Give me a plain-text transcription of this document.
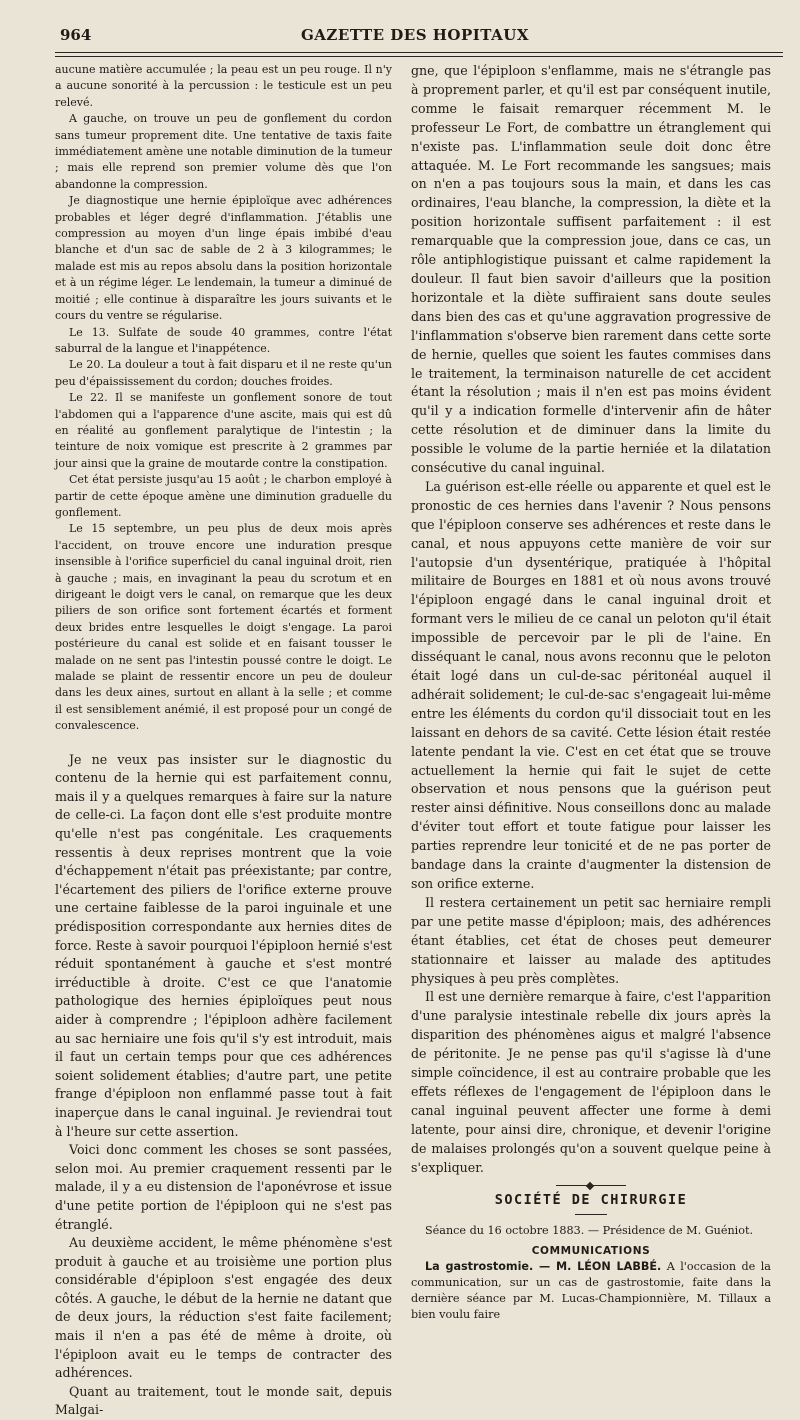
964	GAZETTE DES HOPITAUX

aucune matière accumulée ; la peau est un peu rouge. Il n'y a aucune sonorité à la percussion : le testicule est un peu relevé.

A gauche, on trouve un peu de gonflement du cordon sans tumeur proprement dite. Une tentative de taxis faite immédiatement amène une notable diminution de la tumeur ; mais elle reprend son premier volume dès que l'on abandonne la compression.

Je diagnostique une hernie épiploïque avec adhérences probables et léger degré d'inflammation. J'établis une compression au moyen d'un linge épais imbibé d'eau blanche et d'un sac de sable de 2 à 3 kilogrammes; le malade est mis au repos absolu dans la position horizontale et à un régime léger. Le lendemain, la tumeur a diminué de moitié ; elle continue à disparaître les jours suivants et le cours du ventre se régularise.

Le 13. Sulfate de soude 40 grammes, contre l'état saburral de la langue et l'inappétence.

Le 20. La douleur a tout à fait disparu et il ne reste qu'un peu d'épaississement du cordon; douches froides.

Le 22. Il se manifeste un gonflement sonore de tout l'abdomen qui a l'apparence d'une ascite, mais qui est dû en réalité au gonflement paralytique de l'intestin ; la teinture de noix vomique est prescrite à 2 grammes par jour ainsi que la graine de moutarde contre la constipation.

Cet état persiste jusqu'au 15 août ; le charbon employé à partir de cette époque amène une diminution graduelle du gonflement.

Le 15 septembre, un peu plus de deux mois après l'accident, on trouve encore une induration presque insensible à l'orifice superficiel du canal inguinal droit, rien à gauche ; mais, en invaginant la peau du scrotum et en dirigeant le doigt vers le canal, on remarque que les deux piliers de son orifice sont fortement écartés et forment deux brides entre lesquelles le doigt s'engage. La paroi postérieure du canal est solide et en faisant tousser le malade on ne sent pas l'intestin poussé contre le doigt. Le malade se plaint de ressentir encore un peu de douleur dans les deux aines, surtout en allant à la selle ; et comme il est sensiblement anémié, il est proposé pour un congé de convalescence.

Je ne veux pas insister sur le diagnostic du contenu de la hernie qui est parfaitement connu, mais il y a quelques remarques à faire sur la nature de celle-ci. La façon dont elle s'est produite montre qu'elle n'est pas congénitale. Les craquements ressentis à deux reprises montrent que la voie d'échappement n'était pas préexistante; par contre, l'écartement des piliers de l'orifice externe prouve une certaine faiblesse de la paroi inguinale et une prédisposition correspondante aux hernies dites de force. Reste à savoir pourquoi l'épiploon hernié s'est réduit spontanément à gauche et s'est montré irréductible à droite. C'est ce que l'anatomie pathologique des hernies épiploïques peut nous aider à comprendre ; l'épiploon adhère facilement au sac herniaire une fois qu'il s'y est introduit, mais il faut un certain temps pour que ces adhérences soient solidement établies; d'autre part, une petite frange d'épiploon non enflammé passe tout à fait inaperçue dans le canal inguinal. Je reviendrai tout à l'heure sur cette assertion.

Voici donc comment les choses se sont passées, selon moi. Au premier craquement ressenti par le malade, il y a eu distension de l'aponévrose et issue d'une petite portion de l'épiploon qui ne s'est pas étranglé.

Au deuxième accident, le même phénomène s'est produit à gauche et au troisième une portion plus considérable d'épiploon s'est engagée des deux côtés. A gauche, le début de la hernie ne datant que de deux jours, la réduction s'est faite facilement; mais il n'en a pas été de même à droite, où l'épiploon avait eu le temps de contracter des adhérences.

Quant au traitement, tout le monde sait, depuis Malgai-

gne, que l'épiploon s'enflamme, mais ne s'étrangle pas à proprement parler, et qu'il est par conséquent inutile, comme le faisait remarquer récemment M. le professeur Le Fort, de combattre un étranglement qui n'existe pas. L'inflammation seule doit donc être attaquée. M. Le Fort recommande les sangsues; mais on n'en a pas toujours sous la main, et dans les cas ordinaires, l'eau blanche, la compression, la diète et la position horizontale suffisent parfaitement : il est remarquable que la compression joue, dans ce cas, un rôle antiphlogistique puissant et calme rapidement la douleur. Il faut bien savoir d'ailleurs que la position horizontale et la diète suffiraient sans doute seules dans bien des cas et qu'une aggravation progressive de l'inflammation s'observe bien rarement dans cette sorte de hernie, quelles que soient les fautes commises dans le traitement, la terminaison naturelle de cet accident étant la résolution ; mais il n'en est pas moins évident qu'il y a indication formelle d'intervenir afin de hâter cette résolution et de diminuer dans la limite du possible le volume de la partie herniée et la dilatation consécutive du canal inguinal.

La guérison est-elle réelle ou apparente et quel est le pronostic de ces hernies dans l'avenir ? Nous pensons que l'épiploon conserve ses adhérences et reste dans le canal, et nous appuyons cette manière de voir sur l'autopsie d'un dysentérique, pratiquée à l'hôpital militaire de Bourges en 1881 et où nous avons trouvé l'épiploon engagé dans le canal inguinal droit et formant vers le milieu de ce canal un peloton qu'il était impossible de percevoir par le pli de l'aine. En disséquant le canal, nous avons reconnu que le peloton était logé dans un cul-de-sac péritonéal auquel il adhérait solidement; le cul-de-sac s'engageait lui-même entre les éléments du cordon qu'il dissociait tout en les laissant en dehors de sa cavité. Cette lésion était restée latente pendant la vie. C'est en cet état que se trouve actuellement la hernie qui fait le sujet de cette observation et nous pensons que la guérison peut rester ainsi définitive. Nous conseillons donc au malade d'éviter tout effort et toute fatigue pour laisser les parties reprendre leur tonicité et de ne pas porter de bandage dans la crainte d'augmenter la distension de son orifice externe.

Il restera certainement un petit sac herniaire rempli par une petite masse d'épiploon; mais, des adhérences étant établies, cet état de choses peut demeurer stationnaire et laisser au malade des aptitudes physiques à peu près complètes.

Il est une dernière remarque à faire, c'est l'apparition d'une paralysie intestinale rebelle dix jours après la disparition des phénomènes aigus et malgré l'absence de péritonite. Je ne pense pas qu'il s'agisse là d'une simple coïncidence, il est au contraire probable que les effets réflexes de l'engagement de l'épiploon dans le canal inguinal peuvent affecter une forme à demi latente, pour ainsi dire, chronique, et devenir l'origine de malaises prolongés qu'on a souvent quelque peine à s'expliquer.

SOCIÉTÉ DE CHIRURGIE
Séance du 16 octobre 1883. — Présidence de M. Guéniot.
COMMUNICATIONS
La gastrostomie. — M. LÉON LABBÉ. A l'occasion de la communication, sur un cas de gastrostomie, faite dans la dernière séance par M. Lucas-Championnière, M. Tillaux a bien voulu faire
